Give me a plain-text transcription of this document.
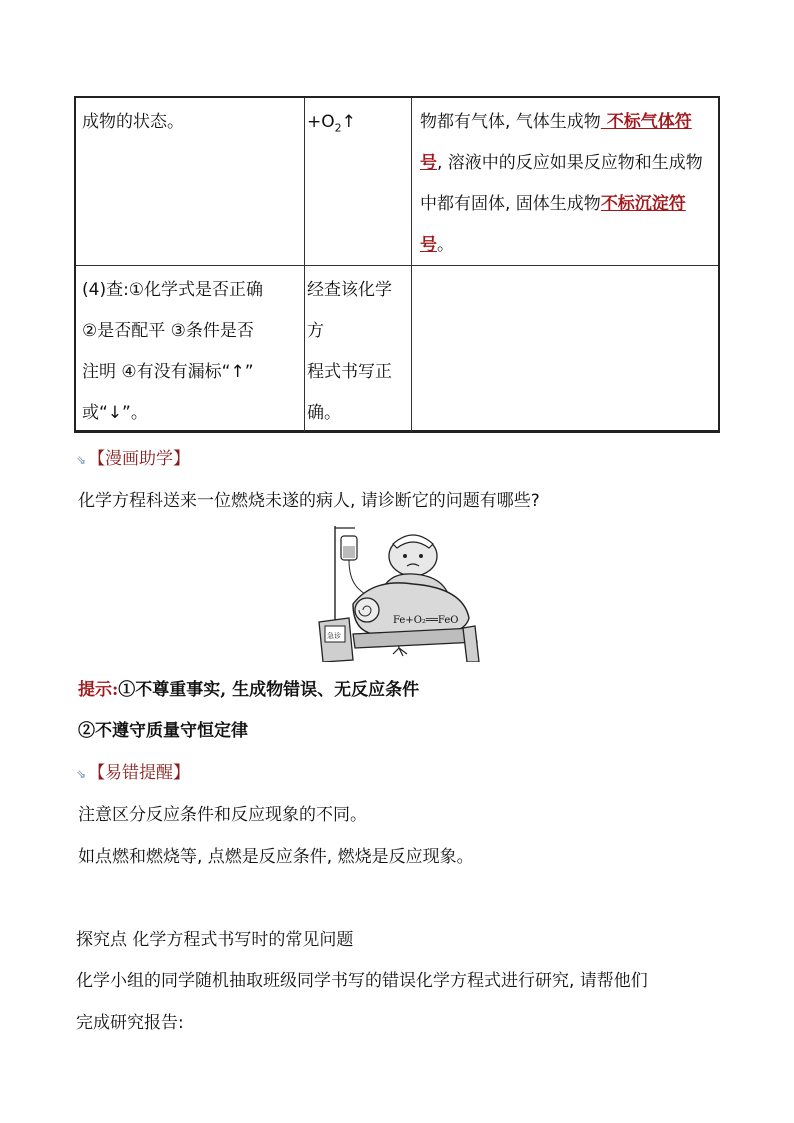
成物的状态。	$+O_2↑$	物都有气体, 气体生成物 不标气体符号, 溶液中的反应如果反应物和生成物中都有固体, 固体生成物不标沉淀符号。
(4)查:①化学式是否正确
②是否配平 ③条件是否
注明 ④有没有漏标“↑”
或“↓”。
经查该化学
方
程式书写正
确。
⇘ 【漫画助学】
化学方程科送来一位燃烧未遂的病人, 请诊断它的问题有哪些?
Fe+O₂══FeO
急诊
提示:①不尊重事实, 生成物错误、无反应条件
②不遵守质量守恒定律
⇘ 【易错提醒】
注意区分反应条件和反应现象的不同。
如点燃和燃烧等, 点燃是反应条件, 燃烧是反应现象。
探究点 化学方程式书写时的常见问题
化学小组的同学随机抽取班级同学书写的错误化学方程式进行研究, 请帮他们
完成研究报告:
